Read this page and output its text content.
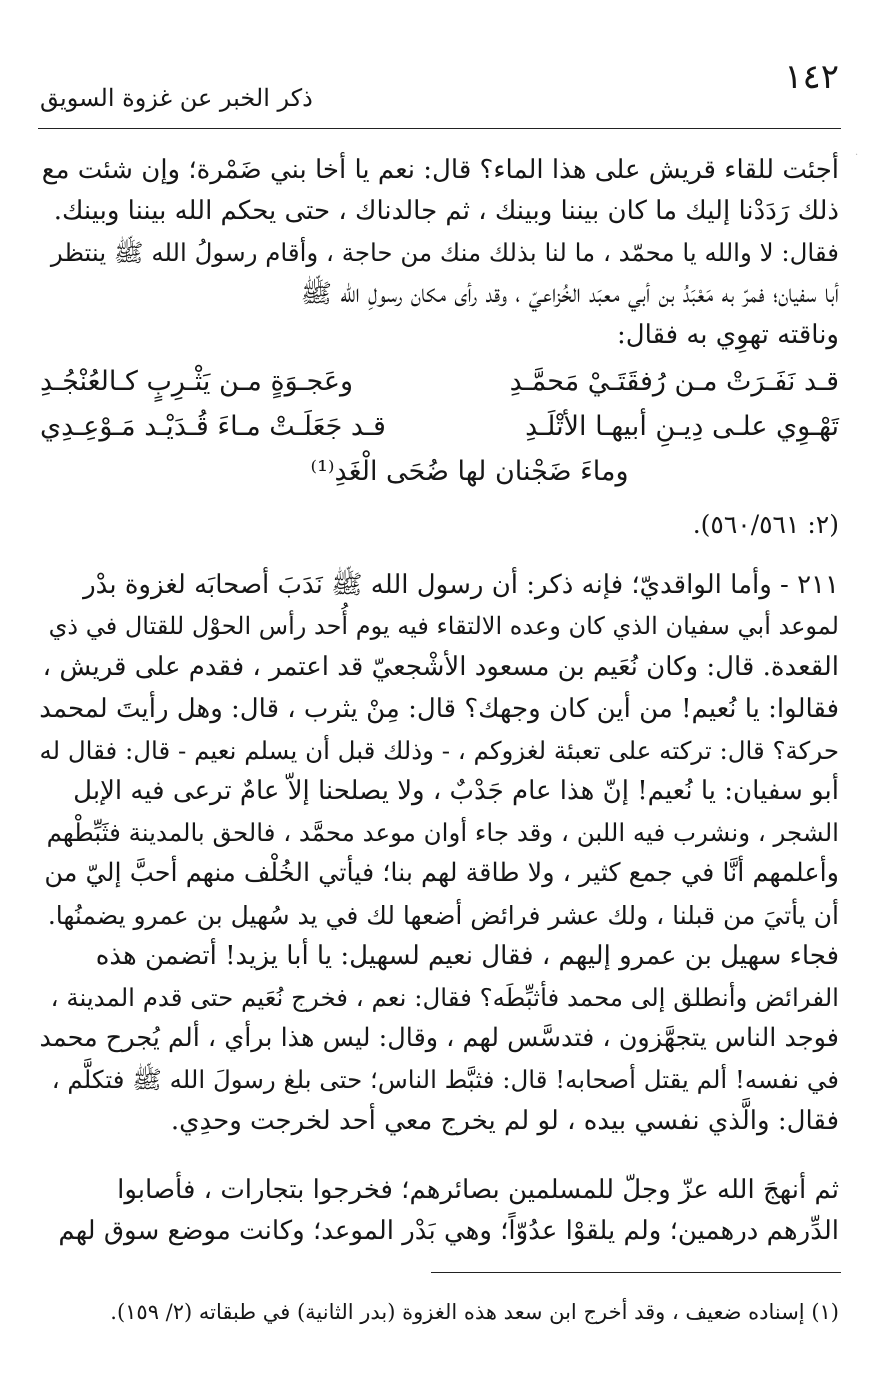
١٤٢
ذكر الخبر عن غزوة السويق
·
أجئت للقاء قريش على هذا الماء؟ قال: نعم يا أخا بني ضَمْرة؛ وإن شئت مع
ذلك رَدَدْنا إليك ما كان بيننا وبينك ، ثم جالدناك ، حتى يحكم الله بيننا وبينك.
فقال: لا والله يا محمّد ، ما لنا بذلك منك من حاجة ، وأقام رسولُ الله ﷺ ينتظر
أبا سفيان؛ فمرّ به مَعْبَدُ بن أبي معبَد الخُزاعيّ ، وقد رأى مكان رسولِ الله ﷺ
وناقته تهوِي به فقال:
قـد نَفَـرَتْ مـن رُفقَتَـيْ مَحمَّـدِ
وعَجـوَةٍ مـن يَثْـرِبٍ كـالعُنْجُـدِ
تَهْـوِي علـى دِيـنِ أبيهـا الأتْلَـدِ
قـد جَعَلَـتْ مـاءَ قُـدَيْـد مَـوْعِـدِي
وماءَ ضَجْنان لها ضُحَى الْغَدِ⁽¹⁾
(٢: ٥٦٠/٥٦١).
٢١١ - وأما الواقديّ؛ فإنه ذكر: أن رسول الله ﷺ نَدَبَ أصحابَه لغزوة بدْر
لموعد أبي سفيان الذي كان وعده الالتقاء فيه يوم أُحد رأس الحوْل للقتال في ذي
القعدة. قال: وكان نُعَيم بن مسعود الأشْجعيّ قد اعتمر ، فقدم على قريش ،
فقالوا: يا نُعيم! من أين كان وجهك؟ قال: مِنْ يثرب ، قال: وهل رأيتَ لمحمد
حركة؟ قال: تركته على تعبئة لغزوكم ، - وذلك قبل أن يسلم نعيم - قال: فقال له
أبو سفيان: يا نُعيم! إنّ هذا عام جَدْبٌ ، ولا يصلحنا إلاّ عامٌ ترعى فيه الإبل
الشجر ، ونشرب فيه اللبن ، وقد جاء أوان موعد محمَّد ، فالحق بالمدينة فثَبِّطْهم
وأعلمهم أنَّا في جمع كثير ، ولا طاقة لهم بنا؛ فيأتي الخُلْف منهم أحبَّ إليّ من
أن يأتيَ من قبلنا ، ولك عشر فرائض أضعها لك في يد سُهيل بن عمرو يضمنُها.
فجاء سهيل بن عمرو إليهم ، فقال نعيم لسهيل: يا أبا يزيد! أتضمن هذه
الفرائض وأنطلق إلى محمد فأثبِّطَه؟ فقال: نعم ، فخرج نُعَيم حتى قدم المدينة ،
فوجد الناس يتجهَّزون ، فتدسَّس لهم ، وقال: ليس هذا برأي ، ألم يُجرح محمد
في نفسه! ألم يقتل أصحابه! قال: فثبَّط الناس؛ حتى بلغ رسولَ الله ﷺ فتكلَّم ،
فقال: والَّذي نفسي بيده ، لو لم يخرج معي أحد لخرجت وحدِي.
ثم أنهجَ الله عزّ وجلّ للمسلمين بصائرهم؛ فخرجوا بتجارات ، فأصابوا
الدِّرهم درهمين؛ ولم يلقوْا عدُوّاً؛ وهي بَدْر الموعد؛ وكانت موضع سوق لهم
(١) إسناده ضعيف ، وقد أخرج ابن سعد هذه الغزوة (بدر الثانية) في طبقاته (٢/ ١٥٩).
